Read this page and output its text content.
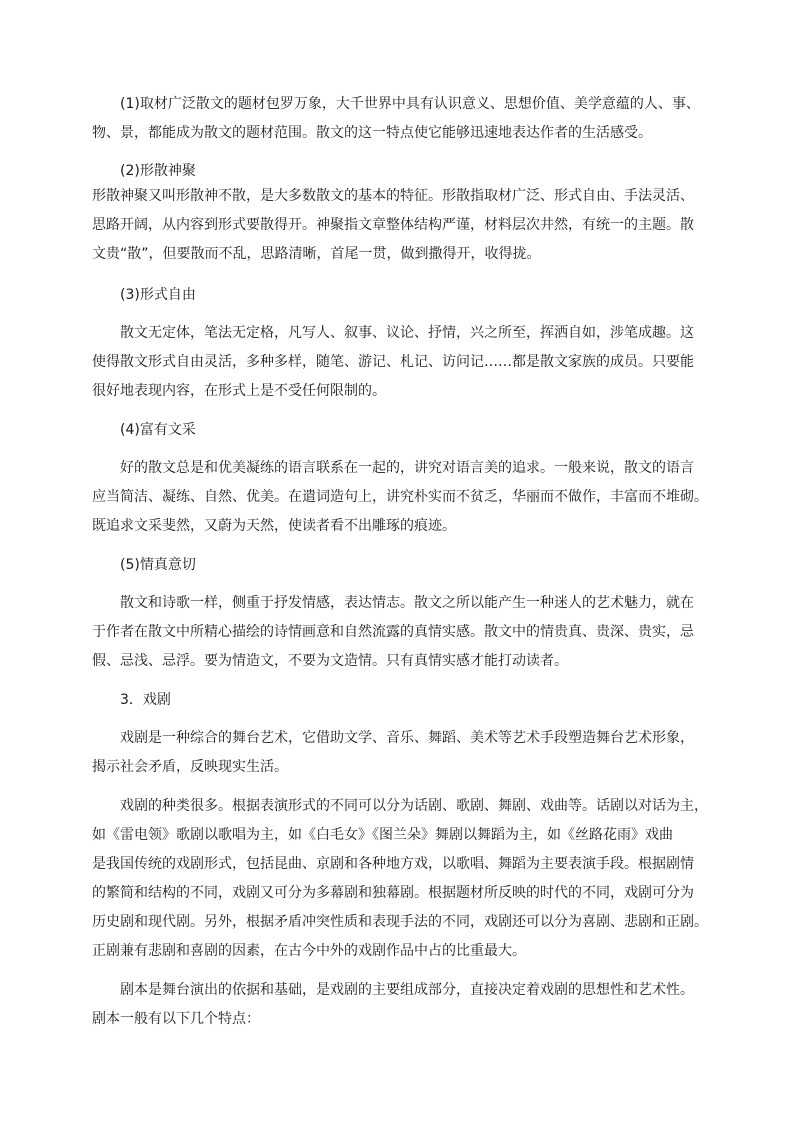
(1)取材广泛散文的题材包罗万象，大千世界中具有认识意义、思想价值、美学意蕴的人、事、
物、景，都能成为散文的题材范围。散文的这一特点使它能够迅速地表达作者的生活感受。
(2)形散神聚
形散神聚又叫形散神不散，是大多数散文的基本的特征。形散指取材广泛、形式自由、手法灵活、
思路开阔，从内容到形式要散得开。神聚指文章整体结构严谨，材料层次井然，有统一的主题。散
文贵“散”，但要散而不乱，思路清晰，首尾一贯，做到撒得开，收得拢。
(3)形式自由
散文无定体，笔法无定格，凡写人、叙事、议论、抒情，兴之所至，挥洒自如，涉笔成趣。这
使得散文形式自由灵活，多种多样，随笔、游记、札记、访问记……都是散文家族的成员。只要能
很好地表现内容，在形式上是不受任何限制的。
(4)富有文采
好的散文总是和优美凝练的语言联系在一起的，讲究对语言美的追求。一般来说，散文的语言
应当简洁、凝练、自然、优美。在遣词造句上，讲究朴实而不贫乏，华丽而不做作，丰富而不堆砌。
既追求文采斐然，又蔚为天然，使读者看不出雕琢的痕迹。
(5)情真意切
散文和诗歌一样，侧重于抒发情感，表达情志。散文之所以能产生一种迷人的艺术魅力，就在
于作者在散文中所精心描绘的诗情画意和自然流露的真情实感。散文中的情贵真、贵深、贵实，忌
假、忌浅、忌浮。要为情造文，不要为文造情。只有真情实感才能打动读者。
3．戏剧
戏剧是一种综合的舞台艺术，它借助文学、音乐、舞蹈、美术等艺术手段塑造舞台艺术形象，
揭示社会矛盾，反映现实生活。
戏剧的种类很多。根据表演形式的不同可以分为话剧、歌剧、舞剧、戏曲等。话剧以对话为主，
如《雷电领》歌剧以歌唱为主，如《白毛女》《图兰朵》舞剧以舞蹈为主，如《丝路花雨》戏曲
是我国传统的戏剧形式，包括昆曲、京剧和各种地方戏，以歌唱、舞蹈为主要表演手段。根据剧情
的繁简和结构的不同，戏剧又可分为多幕剧和独幕剧。根据题材所反映的时代的不同，戏剧可分为
历史剧和现代剧。另外，根据矛盾冲突性质和表现手法的不同，戏剧还可以分为喜剧、悲剧和正剧。
正剧兼有悲剧和喜剧的因素，在古今中外的戏剧作品中占的比重最大。
剧本是舞台演出的依据和基础，是戏剧的主要组成部分，直接决定着戏剧的思想性和艺术性。
剧本一般有以下几个特点：
